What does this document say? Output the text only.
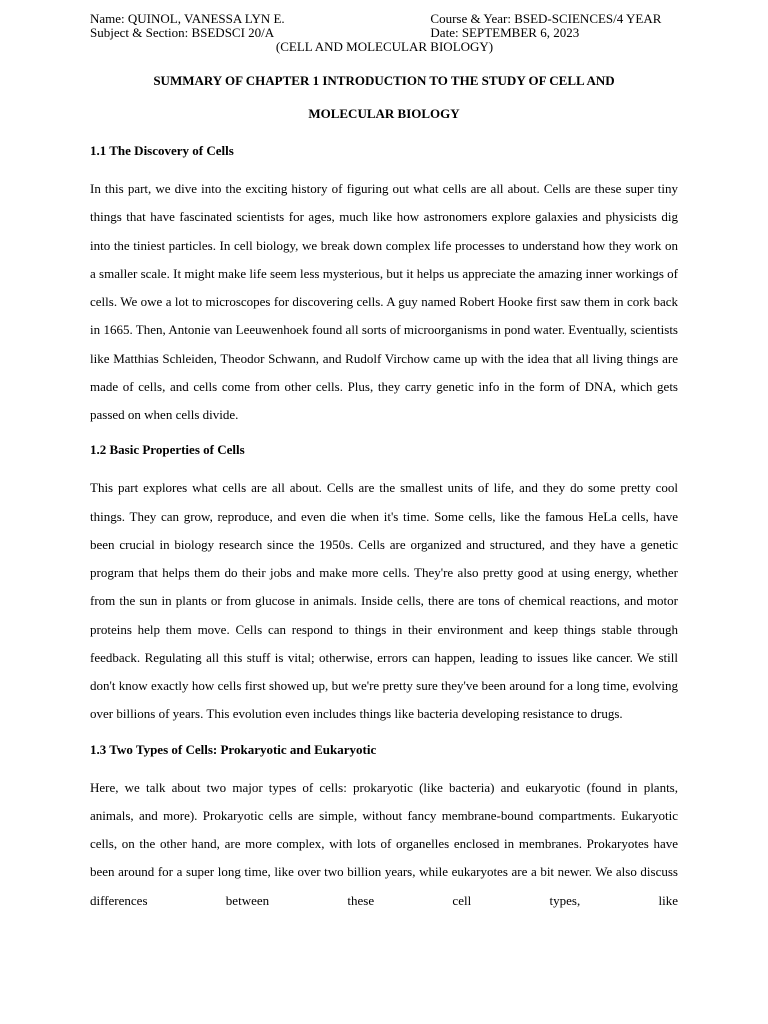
Name: QUINOL, VANESSA LYN E.	Course & Year: BSED-SCIENCES/4 YEAR
Subject & Section: BSEDSCI 20/A	Date: SEPTEMBER 6, 2023
(CELL AND MOLECULAR BIOLOGY)
SUMMARY OF CHAPTER 1 INTRODUCTION TO THE STUDY OF CELL AND
MOLECULAR BIOLOGY
1.1 The Discovery of Cells

In this part, we dive into the exciting history of figuring out what cells are all about. Cells are these super tiny things that have fascinated scientists for ages, much like how astronomers explore galaxies and physicists dig into the tiniest particles. In cell biology, we break down complex life processes to understand how they work on a smaller scale. It might make life seem less mysterious, but it helps us appreciate the amazing inner workings of cells. We owe a lot to microscopes for discovering cells. A guy named Robert Hooke first saw them in cork back in 1665. Then, Antonie van Leeuwenhoek found all sorts of microorganisms in pond water. Eventually, scientists like Matthias Schleiden, Theodor Schwann, and Rudolf Virchow came up with the idea that all living things are made of cells, and cells come from other cells. Plus, they carry genetic info in the form of DNA, which gets passed on when cells divide.

1.2 Basic Properties of Cells

This part explores what cells are all about. Cells are the smallest units of life, and they do some pretty cool things. They can grow, reproduce, and even die when it's time. Some cells, like the famous HeLa cells, have been crucial in biology research since the 1950s. Cells are organized and structured, and they have a genetic program that helps them do their jobs and make more cells. They're also pretty good at using energy, whether from the sun in plants or from glucose in animals. Inside cells, there are tons of chemical reactions, and motor proteins help them move. Cells can respond to things in their environment and keep things stable through feedback. Regulating all this stuff is vital; otherwise, errors can happen, leading to issues like cancer. We still don't know exactly how cells first showed up, but we're pretty sure they've been around for a long time, evolving over billions of years. This evolution even includes things like bacteria developing resistance to drugs.

1.3 Two Types of Cells: Prokaryotic and Eukaryotic

Here, we talk about two major types of cells: prokaryotic (like bacteria) and eukaryotic (found in plants, animals, and more). Prokaryotic cells are simple, without fancy membrane-bound compartments. Eukaryotic cells, on the other hand, are more complex, with lots of organelles enclosed in membranes. Prokaryotes have been around for a super long time, like over two billion years, while eukaryotes are a bit newer. We also discuss differences between these cell types, like
